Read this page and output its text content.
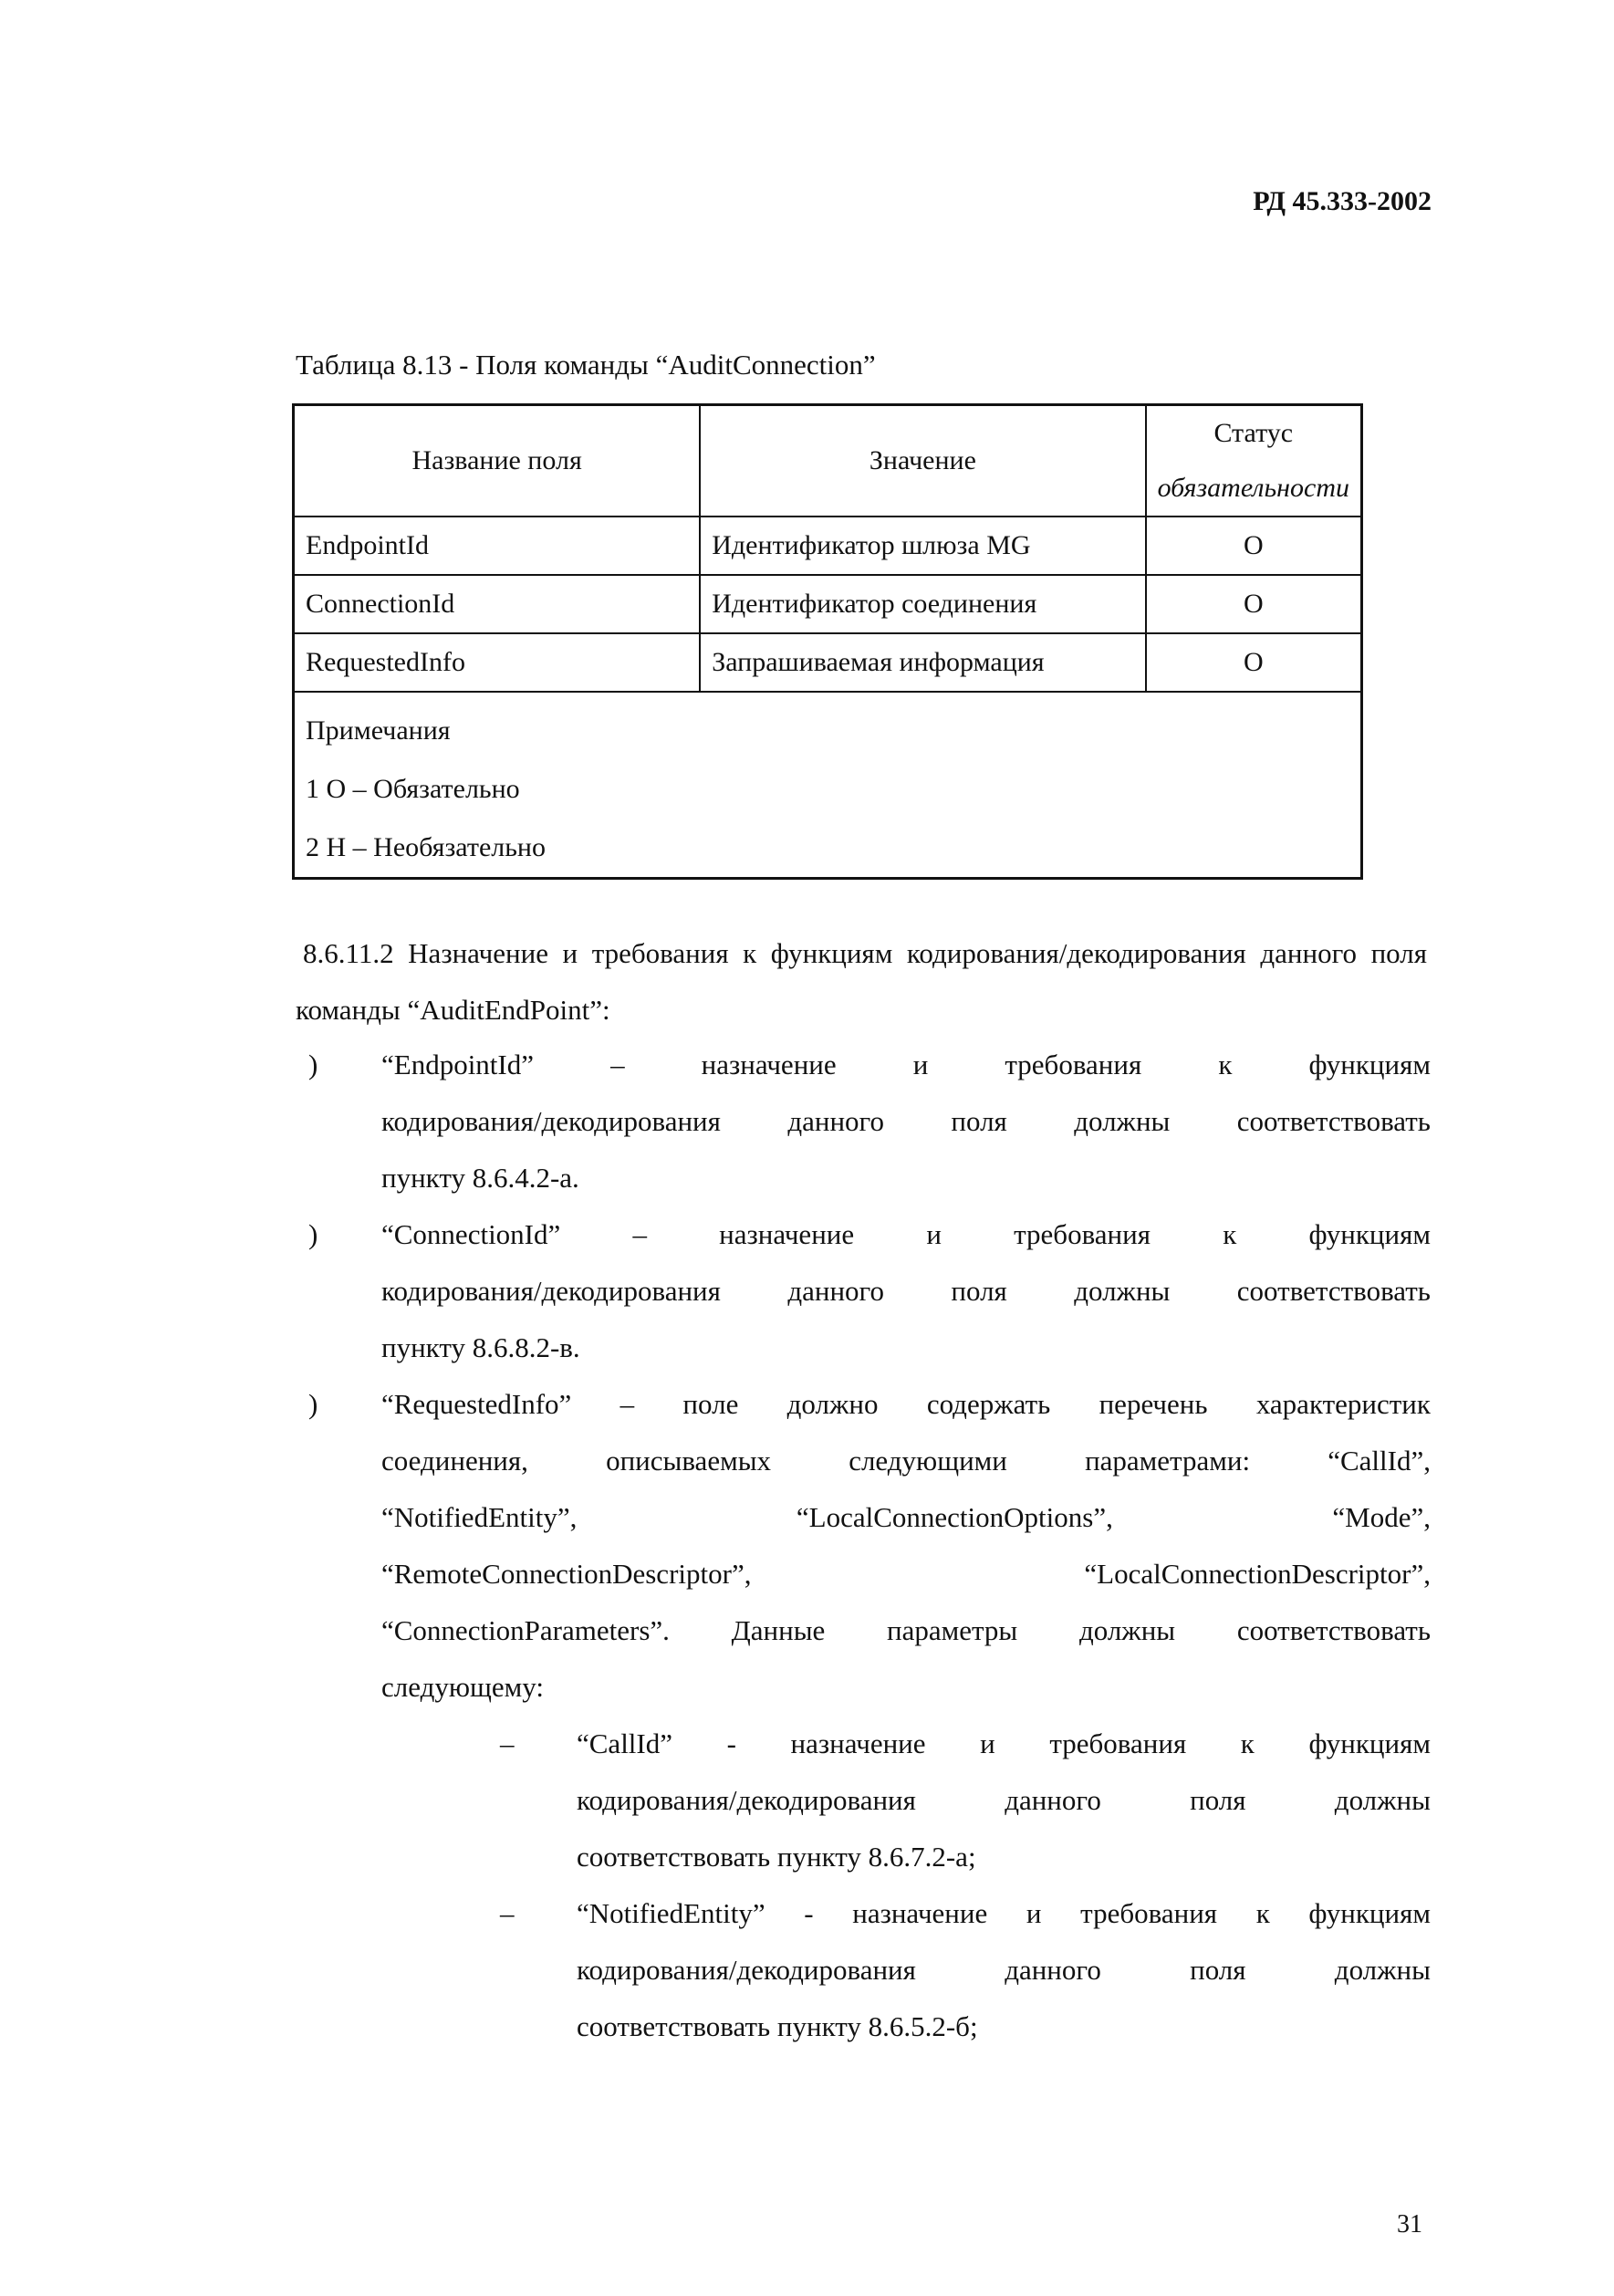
РД 45.333-2002
Таблица 8.13 - Поля команды “AuditConnection”
Название поля	Значение	Статус
обязательности

EndpointId	Идентификатор шлюза MG	О
ConnectionId	Идентификатор соединения	О
RequestedInfo	Запрашиваемая информация	О

Примечания
1 О – Обязательно
2 Н – Необязательно		
8.6.11.2 Назначение и требования к функциям кодирования/декодирования данного поля команды “AuditEndPoint”:
) “EndpointId”	–	назначение	и	требования	к	функциям
кодирования/декодирования данного поля должны соответствовать
пункту 8.6.4.2-а.
) “ConnectionId”	–	назначение	и	требования	к	функциям
кодирования/декодирования данного поля должны соответствовать
пункту 8.6.8.2-в.
) “RequestedInfo” – поле должно содержать перечень характеристик
соединения,	описываемых	следующими	параметрами:	“CallId”,
“NotifiedEntity”,	“LocalConnectionOptions”,	“Mode”,
“RemoteConnectionDescriptor”,	“LocalConnectionDescriptor”,
“ConnectionParameters”. Данные параметры должны соответствовать
следующему:
– “CallId” - назначение и требования к функциям
кодирования/декодирования	данного	поля	должны
соответствовать пункту 8.6.7.2-а;
– “NotifiedEntity” - назначение и требования к функциям
кодирования/декодирования	данного	поля	должны
соответствовать пункту 8.6.5.2-б;
31
